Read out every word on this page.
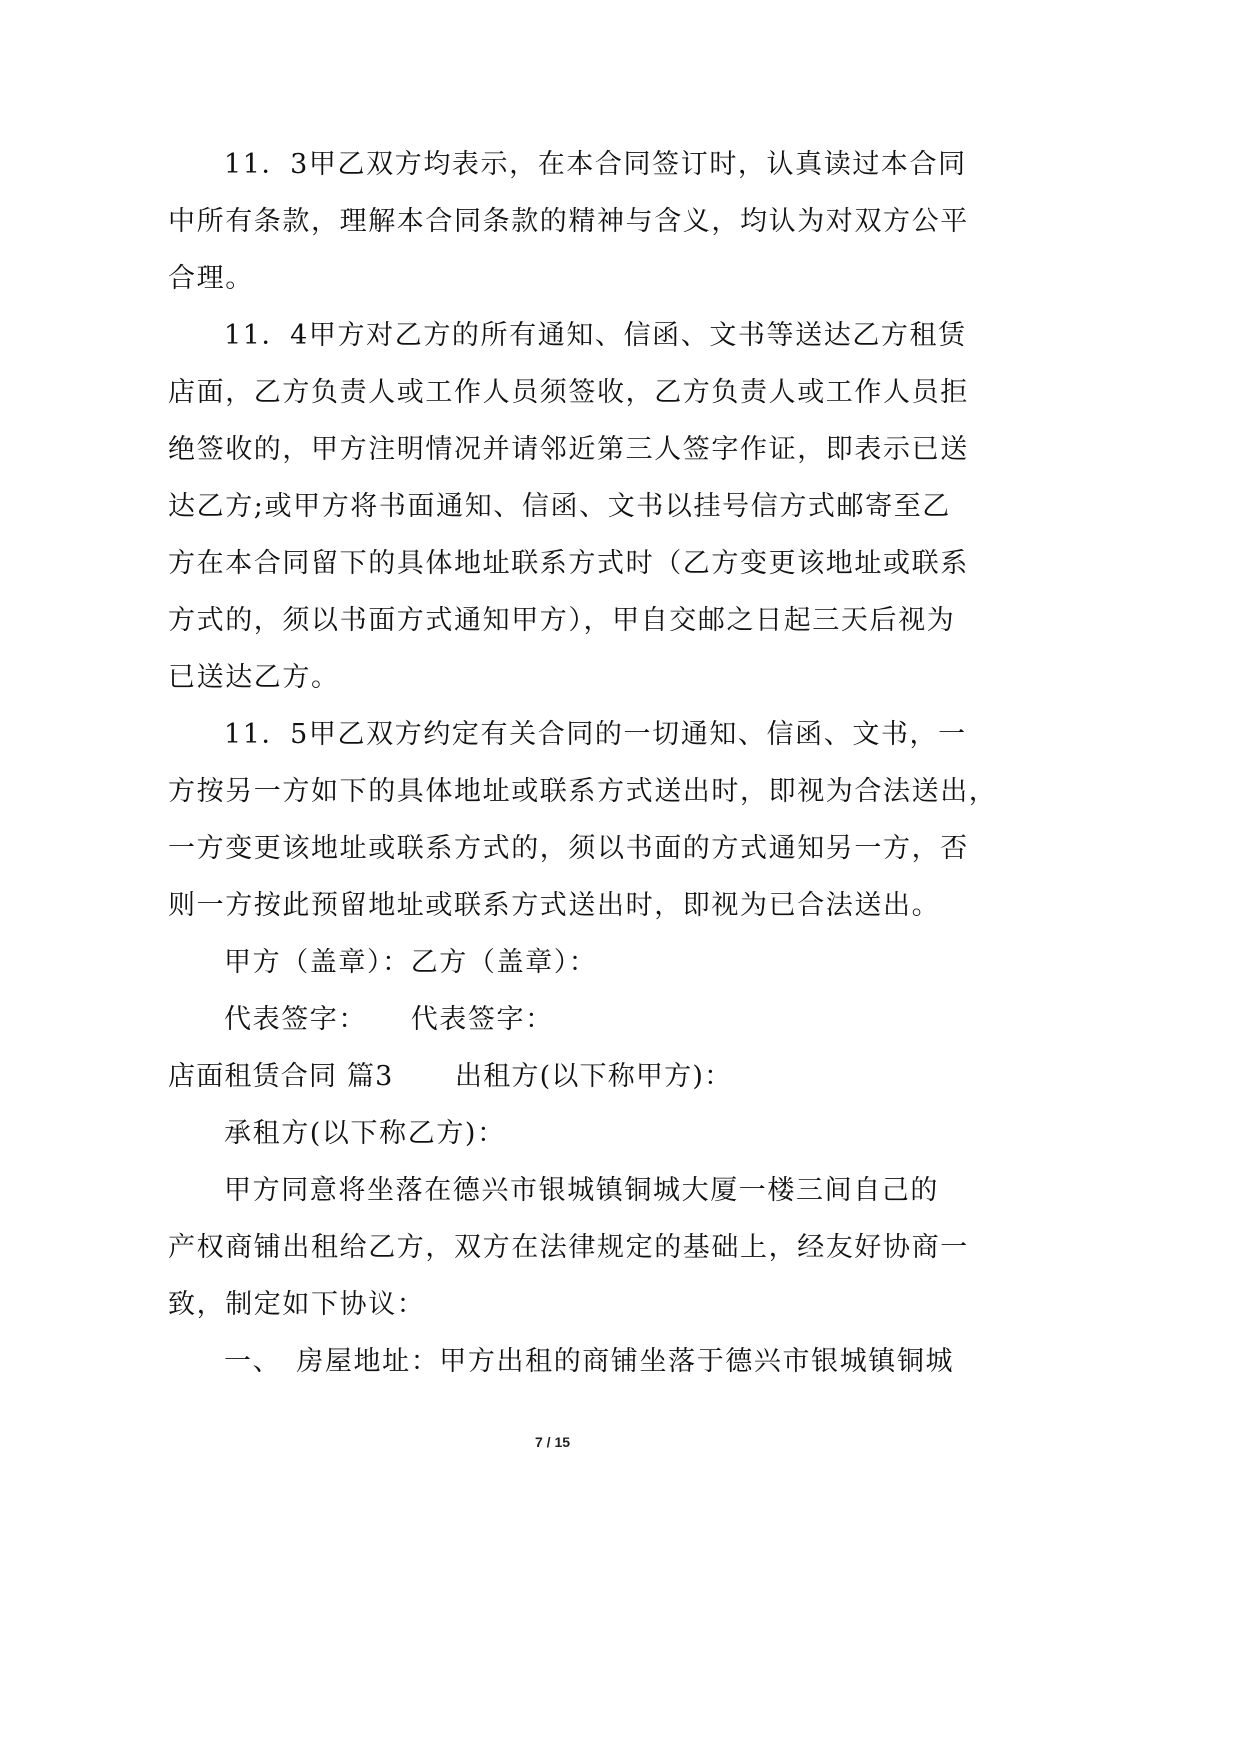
11．3甲乙双方均表示，在本合同签订时，认真读过本合同
中所有条款，理解本合同条款的精神与含义，均认为对双方公平
合理。
11．4甲方对乙方的所有通知、信函、文书等送达乙方租赁
店面，乙方负责人或工作人员须签收，乙方负责人或工作人员拒
绝签收的，甲方注明情况并请邻近第三人签字作证，即表示已送
达乙方;或甲方将书面通知、信函、文书以挂号信方式邮寄至乙
方在本合同留下的具体地址联系方式时（乙方变更该地址或联系
方式的，须以书面方式通知甲方），甲自交邮之日起三天后视为
已送达乙方。
11．5甲乙双方约定有关合同的一切通知、信函、文书，一
方按另一方如下的具体地址或联系方式送出时，即视为合法送出，
一方变更该地址或联系方式的，须以书面的方式通知另一方，否
则一方按此预留地址或联系方式送出时，即视为已合法送出。
甲方（盖章）：乙方（盖章）：
代表签字：　　代表签字：
店面租赁合同 篇3 出租方(以下称甲方)：
承租方(以下称乙方)：
甲方同意将坐落在德兴市银城镇铜城大厦一楼三间自己的
产权商铺出租给乙方，双方在法律规定的基础上，经友好协商一
致，制定如下协议：
一、　房屋地址：甲方出租的商铺坐落于德兴市银城镇铜城
7 / 15
